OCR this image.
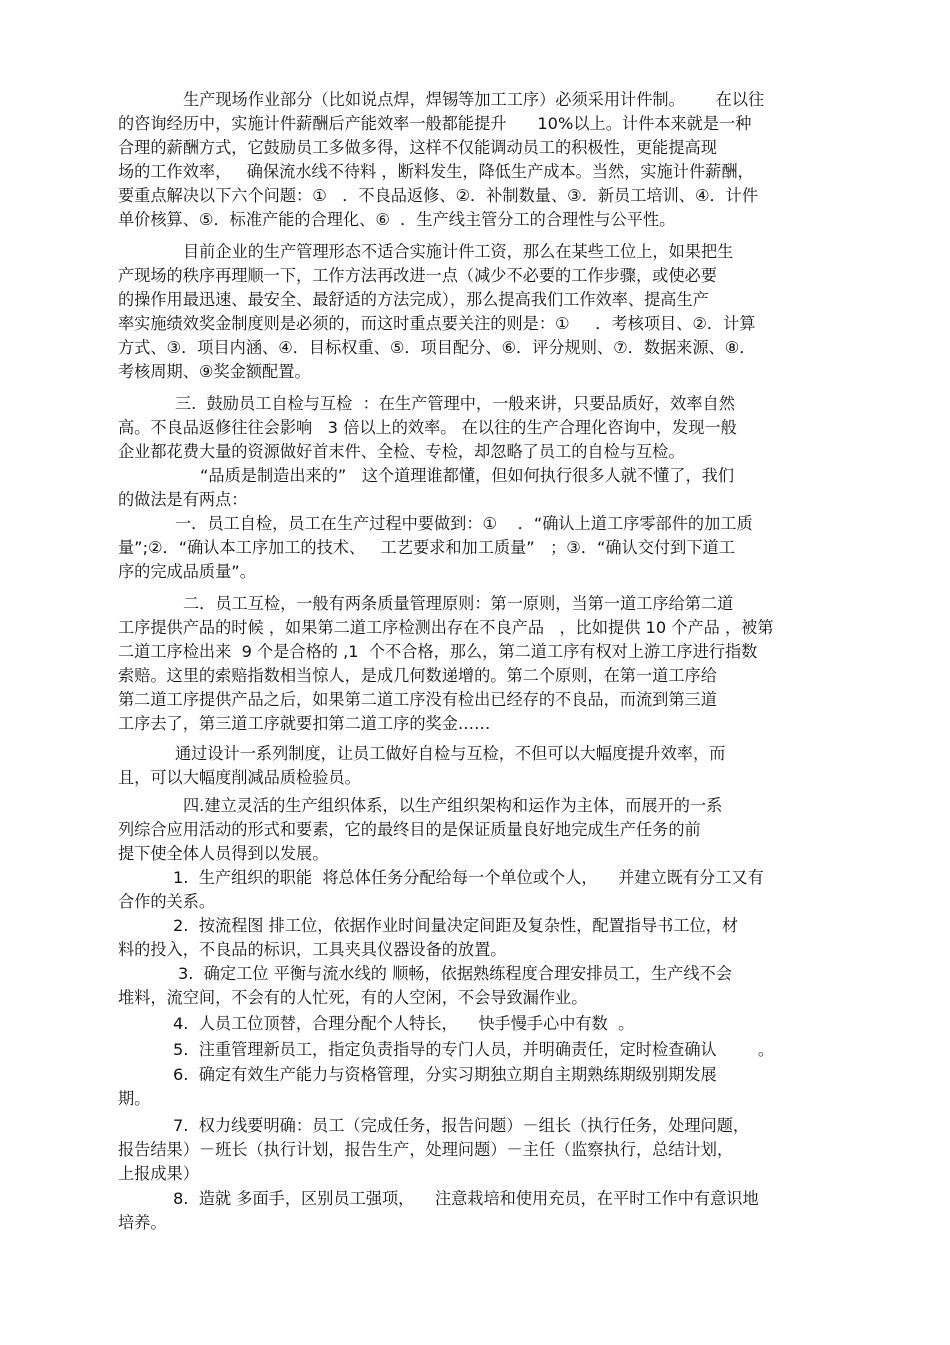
生产现场作业部分（比如说点焊，焊锡等加工工序）必须采用计件制。      在以往
的咨询经历中，实施计件薪酬后产能效率一般都能提升      10%以上。计件本来就是一种
合理的薪酬方式，它鼓励员工多做多得，这样不仅能调动员工的积极性，更能提高现
场的工作效率，   确保流水线不待料 ，断料发生，降低生产成本。当然，实施计件薪酬，
要重点解决以下六个问题：①   ．不良品返修、②．补制数量、③．新员工培训、④．计件
单价核算、⑤．标准产能的合理化、⑥  ．生产线主管分工的合理性与公平性。
目前企业的生产管理形态不适合实施计件工资，那么在某些工位上，如果把生
产现场的秩序再理顺一下，工作方法再改进一点（减少不必要的工作步骤，或使必要
的操作用最迅速、最安全、最舒适的方法完成），那么提高我们工作效率、提高生产
率实施绩效奖金制度则是必须的，而这时重点要关注的则是：①     ．考核项目、②．计算
方式、③．项目内涵、④．目标权重、⑤．项目配分、⑥．评分规则、⑦．数据来源、⑧．
考核周期、⑨奖金额配置。
三.  鼓励员工自检与互检  ：在生产管理中，一般来讲，只要品质好，效率自然
高。不良品返修往往会影响   3 倍以上的效率。 在以往的生产合理化咨询中，发现一般
企业都花费大量的资源做好首末件、全检、专检，却忽略了员工的自检与互检。
“品质是制造出来的”   这个道理谁都懂，但如何执行很多人就不懂了，我们
的做法是有两点：
一．员工自检，员工在生产过程中要做到：①    ．“确认上道工序零部件的加工质
量”;②．“确认本工序加工的技术、   工艺要求和加工质量”   ；③．“确认交付到下道工
序的完成品质量”。
二．员工互检，一般有两条质量管理原则：第一原则，当第一道工序给第二道
工序提供产品的时候 ，如果第二道工序检测出存在不良产品   ，比如提供 10 个产品 ，被第
二道工序检出来  9 个是合格的 ,1  个不合格，那么，第二道工序有权对上游工序进行指数
索赔。这里的索赔指数相当惊人，是成几何数递增的。第二个原则，在第一道工序给
第二道工序提供产品之后，如果第二道工序没有检出已经存的不良品，而流到第三道
工序去了，第三道工序就要扣第二道工序的奖金……
通过设计一系列制度，让员工做好自检与互检，不但可以大幅度提升效率，而
且，可以大幅度削减品质检验员。
四.建立灵活的生产组织体系，以生产组织架构和运作为主体，而展开的一系
列综合应用活动的形式和要素，它的最终目的是保证质量良好地完成生产任务的前
提下使全体人员得到以发展。
1.  生产组织的职能  将总体任务分配给每一个单位或个人，    并建立既有分工又有
合作的关系。
2.  按流程图 排工位，依据作业时间量决定间距及复杂性，配置指导书工位，材
料的投入，不良品的标识，工具夹具仪器设备的放置。
3.  确定工位 平衡与流水线的 顺畅，依据熟练程度合理安排员工，生产线不会
堆料，流空间，不会有的人忙死，有的人空闲，不会导致漏作业。
4.  人员工位顶替，合理分配个人特长，    快手慢手心中有数  。
5.  注重管理新员工，指定负责指导的专门人员，并明确责任，定时检查确认        。
6.  确定有效生产能力与资格管理，分实习期独立期自主期熟练期级别期发展
期。
7.  权力线要明确：员工（完成任务，报告问题）－组长（执行任务，处理问题，
报告结果）－班长（执行计划，报告生产，处理问题）－主任（监察执行，总结计划，
上报成果）
8.  造就 多面手，区别员工强项，    注意栽培和使用充员，在平时工作中有意识地
培养。
